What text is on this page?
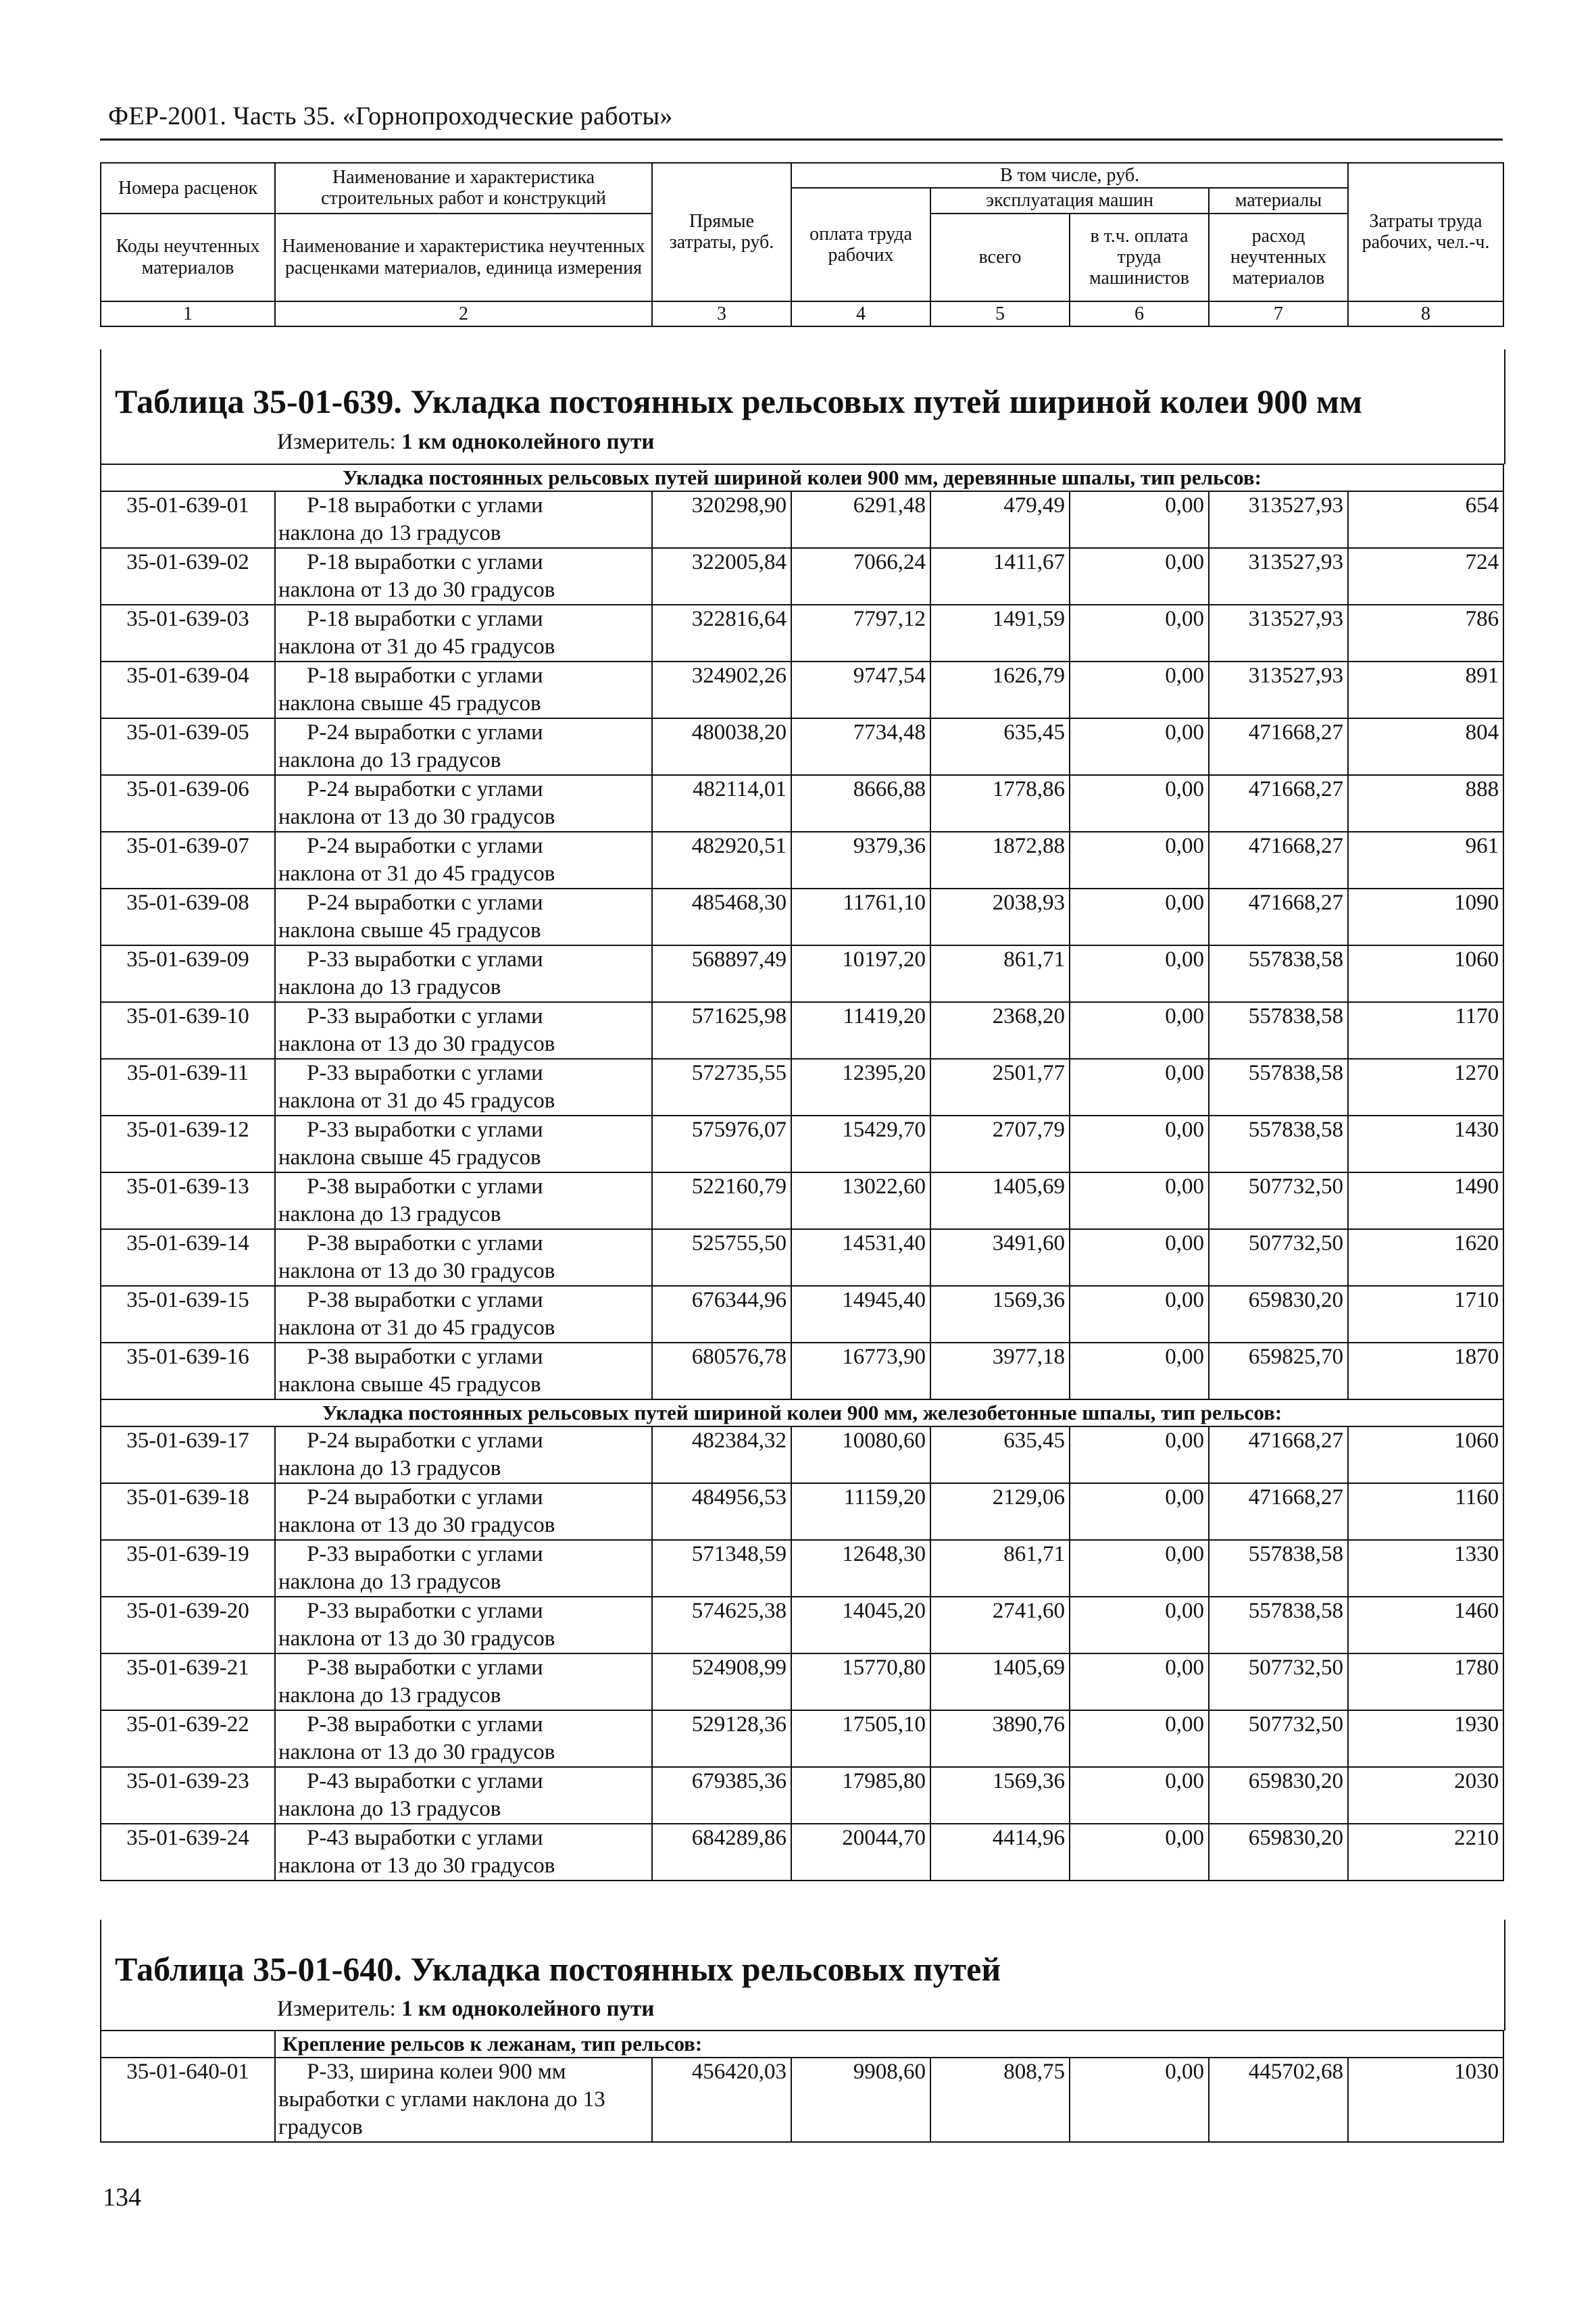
ФЕР-2001. Часть 35. «Горнопроходческие работы»
Номера расценок	Наименование и характеристика строительных работ и конструкций	Прямые затраты, руб.	В том числе, руб.				Затраты труда рабочих, чел.-ч.
			оплата труда рабочих	эксплуатация машин		материалы	
Коды неучтенных материалов	Наименование и характеристика неучтенных расценками материалов, единица измерения			всего	в т.ч. оплата труда машинистов	расход неучтенных материалов	

1	2	3	4	5	6	7	8
Таблица 35-01-639. Укладка постоянных рельсовых путей шириной колеи 900 мм
Измеритель: 1 км одноколейного пути
Укладка постоянных рельсовых путей шириной колеи 900 мм, деревянные шпалы, тип рельсов:							
35-01-639-01	Р-18 выработки с углами
наклона до 13 градусов	320298,90	6291,48	479,49	0,00	313527,93	654
35-01-639-02	Р-18 выработки с углами
наклона от 13 до 30 градусов	322005,84	7066,24	1411,67	0,00	313527,93	724
35-01-639-03	Р-18 выработки с углами
наклона от 31 до 45 градусов	322816,64	7797,12	1491,59	0,00	313527,93	786
35-01-639-04	Р-18 выработки с углами
наклона свыше 45 градусов	324902,26	9747,54	1626,79	0,00	313527,93	891
35-01-639-05	Р-24 выработки с углами
наклона до 13 градусов	480038,20	7734,48	635,45	0,00	471668,27	804
35-01-639-06	Р-24 выработки с углами
наклона от 13 до 30 градусов	482114,01	8666,88	1778,86	0,00	471668,27	888
35-01-639-07	Р-24 выработки с углами
наклона от 31 до 45 градусов	482920,51	9379,36	1872,88	0,00	471668,27	961
35-01-639-08	Р-24 выработки с углами
наклона свыше 45 градусов	485468,30	11761,10	2038,93	0,00	471668,27	1090
35-01-639-09	Р-33 выработки с углами
наклона до 13 градусов	568897,49	10197,20	861,71	0,00	557838,58	1060
35-01-639-10	Р-33 выработки с углами
наклона от 13 до 30 градусов	571625,98	11419,20	2368,20	0,00	557838,58	1170
35-01-639-11	Р-33 выработки с углами
наклона от 31 до 45 градусов	572735,55	12395,20	2501,77	0,00	557838,58	1270
35-01-639-12	Р-33 выработки с углами
наклона свыше 45 градусов	575976,07	15429,70	2707,79	0,00	557838,58	1430
35-01-639-13	Р-38 выработки с углами
наклона до 13 градусов	522160,79	13022,60	1405,69	0,00	507732,50	1490
35-01-639-14	Р-38 выработки с углами
наклона от 13 до 30 градусов	525755,50	14531,40	3491,60	0,00	507732,50	1620
35-01-639-15	Р-38 выработки с углами
наклона от 31 до 45 градусов	676344,96	14945,40	1569,36	0,00	659830,20	1710
35-01-639-16	Р-38 выработки с углами
наклона свыше 45 градусов	680576,78	16773,90	3977,18	0,00	659825,70	1870
Укладка постоянных рельсовых путей шириной колеи 900 мм, железобетонные шпалы, тип рельсов:							
35-01-639-17	Р-24 выработки с углами
наклона до 13 градусов	482384,32	10080,60	635,45	0,00	471668,27	1060
35-01-639-18	Р-24 выработки с углами
наклона от 13 до 30 градусов	484956,53	11159,20	2129,06	0,00	471668,27	1160
35-01-639-19	Р-33 выработки с углами
наклона до 13 градусов	571348,59	12648,30	861,71	0,00	557838,58	1330
35-01-639-20	Р-33 выработки с углами
наклона от 13 до 30 градусов	574625,38	14045,20	2741,60	0,00	557838,58	1460
35-01-639-21	Р-38 выработки с углами
наклона до 13 градусов	524908,99	15770,80	1405,69	0,00	507732,50	1780
35-01-639-22	Р-38 выработки с углами
наклона от 13 до 30 градусов	529128,36	17505,10	3890,76	0,00	507732,50	1930
35-01-639-23	Р-43 выработки с углами
наклона до 13 градусов	679385,36	17985,80	1569,36	0,00	659830,20	2030
35-01-639-24	Р-43 выработки с углами
наклона от 13 до 30 градусов	684289,86	20044,70	4414,96	0,00	659830,20	2210
Таблица 35-01-640. Укладка постоянных рельсовых путей
Измеритель: 1 км одноколейного пути
	Крепление рельсов к лежанам, тип рельсов:						
35-01-640-01	Р-33, ширина колеи 900 мм
выработки с углами наклона до 13
градусов	456420,03	9908,60	808,75	0,00	445702,68	1030
134
